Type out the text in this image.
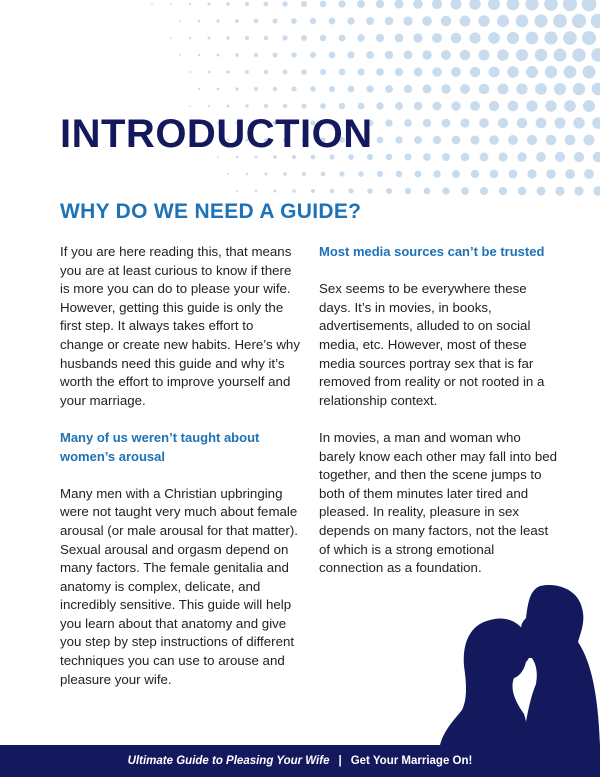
INTRODUCTION
WHY DO WE NEED A GUIDE?

If you are here reading this, that means you are at least curious to know if there is more you can do to please your wife. However, getting this guide is only the first step. It always takes effort to change or create new habits. Here’s why husbands need this guide and why it’s worth the effort to improve yourself and your marriage.

Many of us weren’t taught about women’s arousal

Many men with a Christian upbringing were not taught very much about female arousal (or male arousal for that matter). Sexual arousal and orgasm depend on many factors. The female genitalia and anatomy is complex, delicate, and incredibly sensitive. This guide will help you learn about that anatomy and give you step by step instructions of different techniques you can use to arouse and pleasure your wife.

Most media sources can’t be trusted

Sex seems to be everywhere these days. It’s in movies, in books, advertisements, alluded to on social media, etc. However, most of these media sources portray sex that is far removed from reality or not rooted in a relationship context.

In movies, a man and woman who barely know each other may fall into bed together, and then the scene jumps to both of them minutes later tired and pleased. In reality, pleasure in sex depends on many factors, not the least of which is a strong emotional connection as a foundation.

Ultimate Guide to Pleasing Your Wife | Get Your Marriage On!
